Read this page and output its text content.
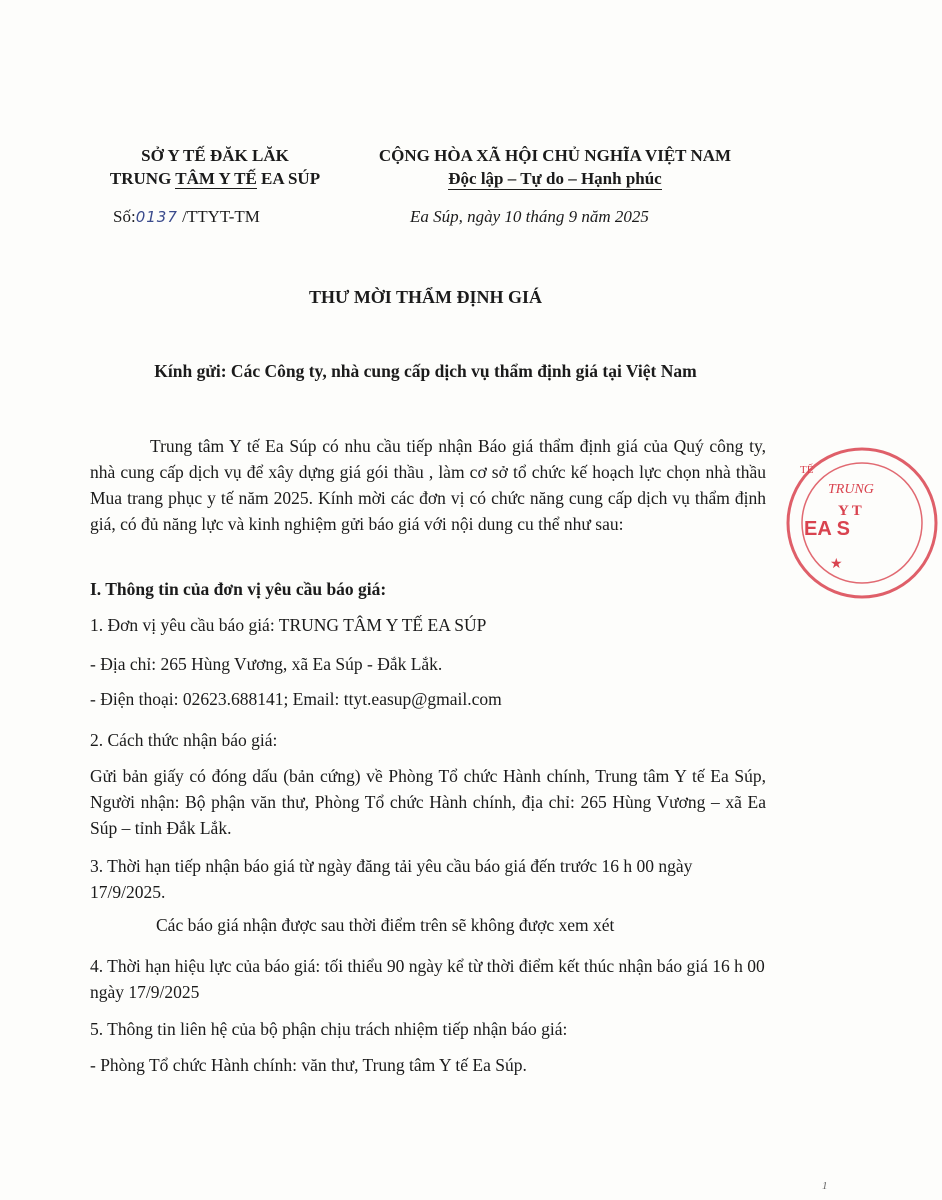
SỞ Y TẾ ĐĂK LĂK
TRUNG TÂM Y TẾ EA SÚP
CỘNG HÒA XÃ HỘI CHỦ NGHĨA VIỆT NAM
Độc lập – Tự do – Hạnh phúc
Số:0137 /TTYT-TM	Ea Súp, ngày 10 tháng 9 năm 2025
THƯ MỜI THẨM ĐỊNH GIÁ
Kính gửi: Các Công ty, nhà cung cấp dịch vụ thẩm định giá tại Việt Nam
Trung tâm Y tế Ea Súp có nhu cầu tiếp nhận Báo giá thẩm định giá của Quý công ty, nhà cung cấp dịch vụ để xây dựng giá gói thầu , làm cơ sở tổ chức kế hoạch lực chọn nhà thầu Mua trang phục y tế năm 2025. Kính mời các đơn vị có chức năng cung cấp dịch vụ thẩm định giá, có đủ năng lực và kinh nghiệm gửi báo giá với nội dung cu thể như sau:
I. Thông tin của đơn vị yêu cầu báo giá:
1. Đơn vị yêu cầu báo giá: TRUNG TÂM Y TẾ EA SÚP
- Địa chỉ: 265 Hùng Vương, xã Ea Súp - Đắk Lắk.
- Điện thoại: 02623.688141; Email: ttyt.easup@gmail.com
2. Cách thức nhận báo giá:
Gửi bản giấy có đóng dấu (bản cứng) về Phòng Tổ chức Hành chính, Trung tâm Y tế Ea Súp, Người nhận: Bộ phận văn thư, Phòng Tổ chức Hành chính, địa chỉ: 265 Hùng Vương – xã Ea Súp – tỉnh Đắk Lắk.
3. Thời hạn tiếp nhận báo giá từ ngày đăng tải yêu cầu báo giá đến trước 16 h 00 ngày 17/9/2025.
Các báo giá nhận được sau thời điểm trên sẽ không được xem xét
4. Thời hạn hiệu lực của báo giá: tối thiểu 90 ngày kể từ thời điểm kết thúc nhận báo giá 16 h 00 ngày 17/9/2025
5. Thông tin liên hệ của bộ phận chịu trách nhiệm tiếp nhận báo giá:
- Phòng Tổ chức Hành chính: văn thư, Trung tâm Y tế Ea Súp.
TRUNG
Y T
EA S
TẾ
★
1
